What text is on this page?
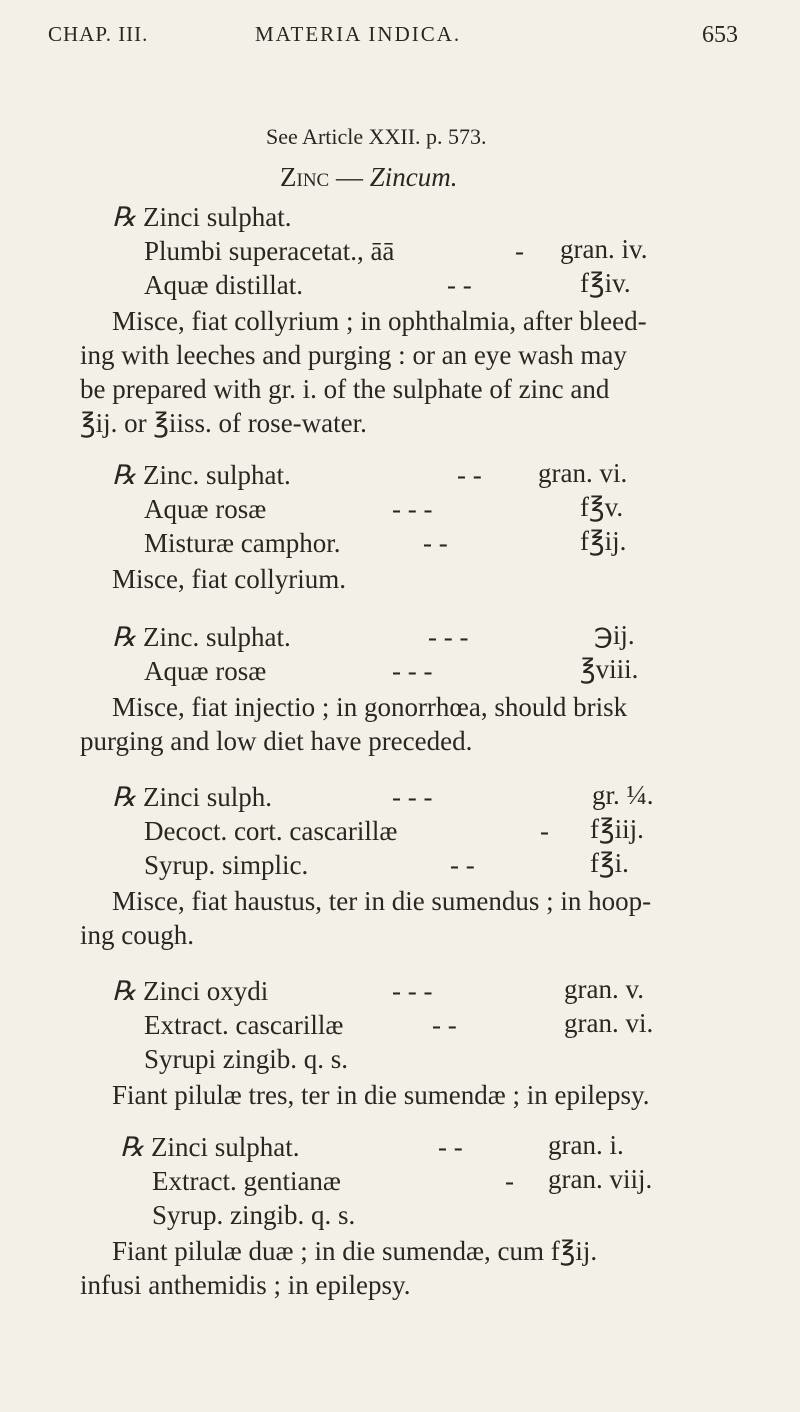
CHAP. III.	MATERIA INDICA.	653
See Article XXII. p. 573.
Zinc — Zincum.
℞ Zinci sulphat.
Plumbi superacetat., āā	- gran. iv.
Aquæ distillat.	- -	f℥iv.
Misce, fiat collyrium ; in ophthalmia, after bleed-
ing with leeches and purging : or an eye wash may
be prepared with gr. i. of the sulphate of zinc and
℥ij. or ℥iiss. of rose-water.
℞ Zinc. sulphat.	- - gran. vi.
Aquæ rosæ	- - -	f℥v.
Misturæ camphor.	- -	f℥ij.
Misce, fiat collyrium.
℞ Zinc. sulphat.	- - -	℈ij.
Aquæ rosæ	- - -	℥viii.
Misce, fiat injectio ; in gonorrhœa, should brisk
purging and low diet have preceded.
℞ Zinci sulph.	- - -	gr. ¼.
Decoct. cort. cascarillæ	- f℥iij.
Syrup. simplic.	- -	f℥i.
Misce, fiat haustus, ter in die sumendus ; in hoop-
ing cough.
℞ Zinci oxydi	- - -	gran. v.
Extract. cascarillæ	- -	gran. vi.
Syrupi zingib. q. s.
Fiant pilulæ tres, ter in die sumendæ ; in epilepsy.
℞ Zinci sulphat.	- -	gran. i.
Extract. gentianæ	- gran. viij.
Syrup. zingib. q. s.
Fiant pilulæ duæ ; in die sumendæ, cum f℥ij.
infusi anthemidis ; in epilepsy.
